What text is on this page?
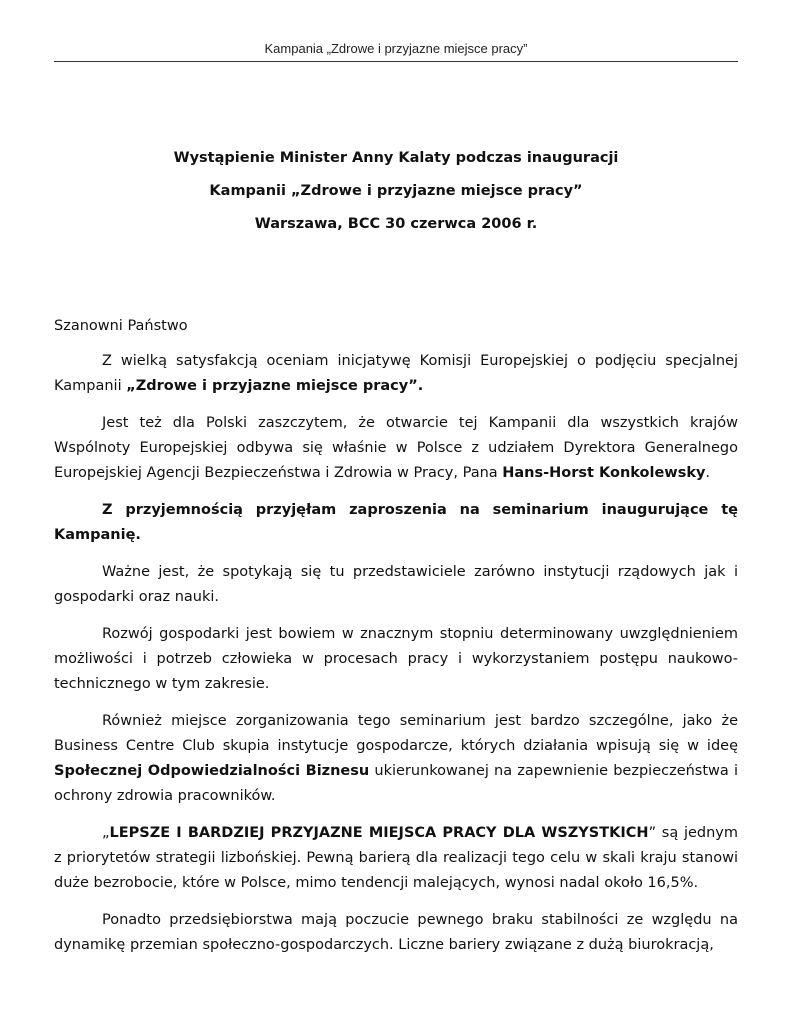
Kampania „Zdrowe i przyjazne miejsce pracy”
Wystąpienie Minister Anny Kalaty podczas inauguracji
Kampanii „Zdrowe i przyjazne miejsce pracy”
Warszawa, BCC 30 czerwca 2006 r.

Szanowni Państwo

Z wielką satysfakcją oceniam inicjatywę Komisji Europejskiej o podjęciu specjalnej Kampanii „Zdrowe i przyjazne miejsce pracy”.

Jest też dla Polski zaszczytem, że otwarcie tej Kampanii dla wszystkich krajów Wspólnoty Europejskiej odbywa się właśnie w Polsce z udziałem Dyrektora Generalnego Europejskiej Agencji Bezpieczeństwa i Zdrowia w Pracy, Pana Hans-Horst Konkolewsky.

Z przyjemnością przyjęłam zaproszenia na seminarium inaugurujące tę Kampanię.

Ważne jest, że spotykają się tu przedstawiciele zarówno instytucji rządowych jak i gospodarki oraz nauki.

Rozwój gospodarki jest bowiem w znacznym stopniu determinowany uwzględnieniem możliwości i potrzeb człowieka w procesach pracy i wykorzystaniem postępu naukowo-technicznego w tym zakresie.

Również miejsce zorganizowania tego seminarium jest bardzo szczególne, jako że Business Centre Club skupia instytucje gospodarcze, których działania wpisują się w ideę Społecznej Odpowiedzialności Biznesu ukierunkowanej na zapewnienie bezpieczeństwa i ochrony zdrowia pracowników.

„LEPSZE I BARDZIEJ PRZYJAZNE MIEJSCA PRACY DLA WSZYSTKICH” są jednym z priorytetów strategii lizbońskiej. Pewną barierą dla realizacji tego celu w skali kraju stanowi duże bezrobocie, które w Polsce, mimo tendencji malejących, wynosi nadal około 16,5%.

Ponadto przedsiębiorstwa mają poczucie pewnego braku stabilności ze względu na dynamikę przemian społeczno-gospodarczych. Liczne bariery związane z dużą biurokracją,
